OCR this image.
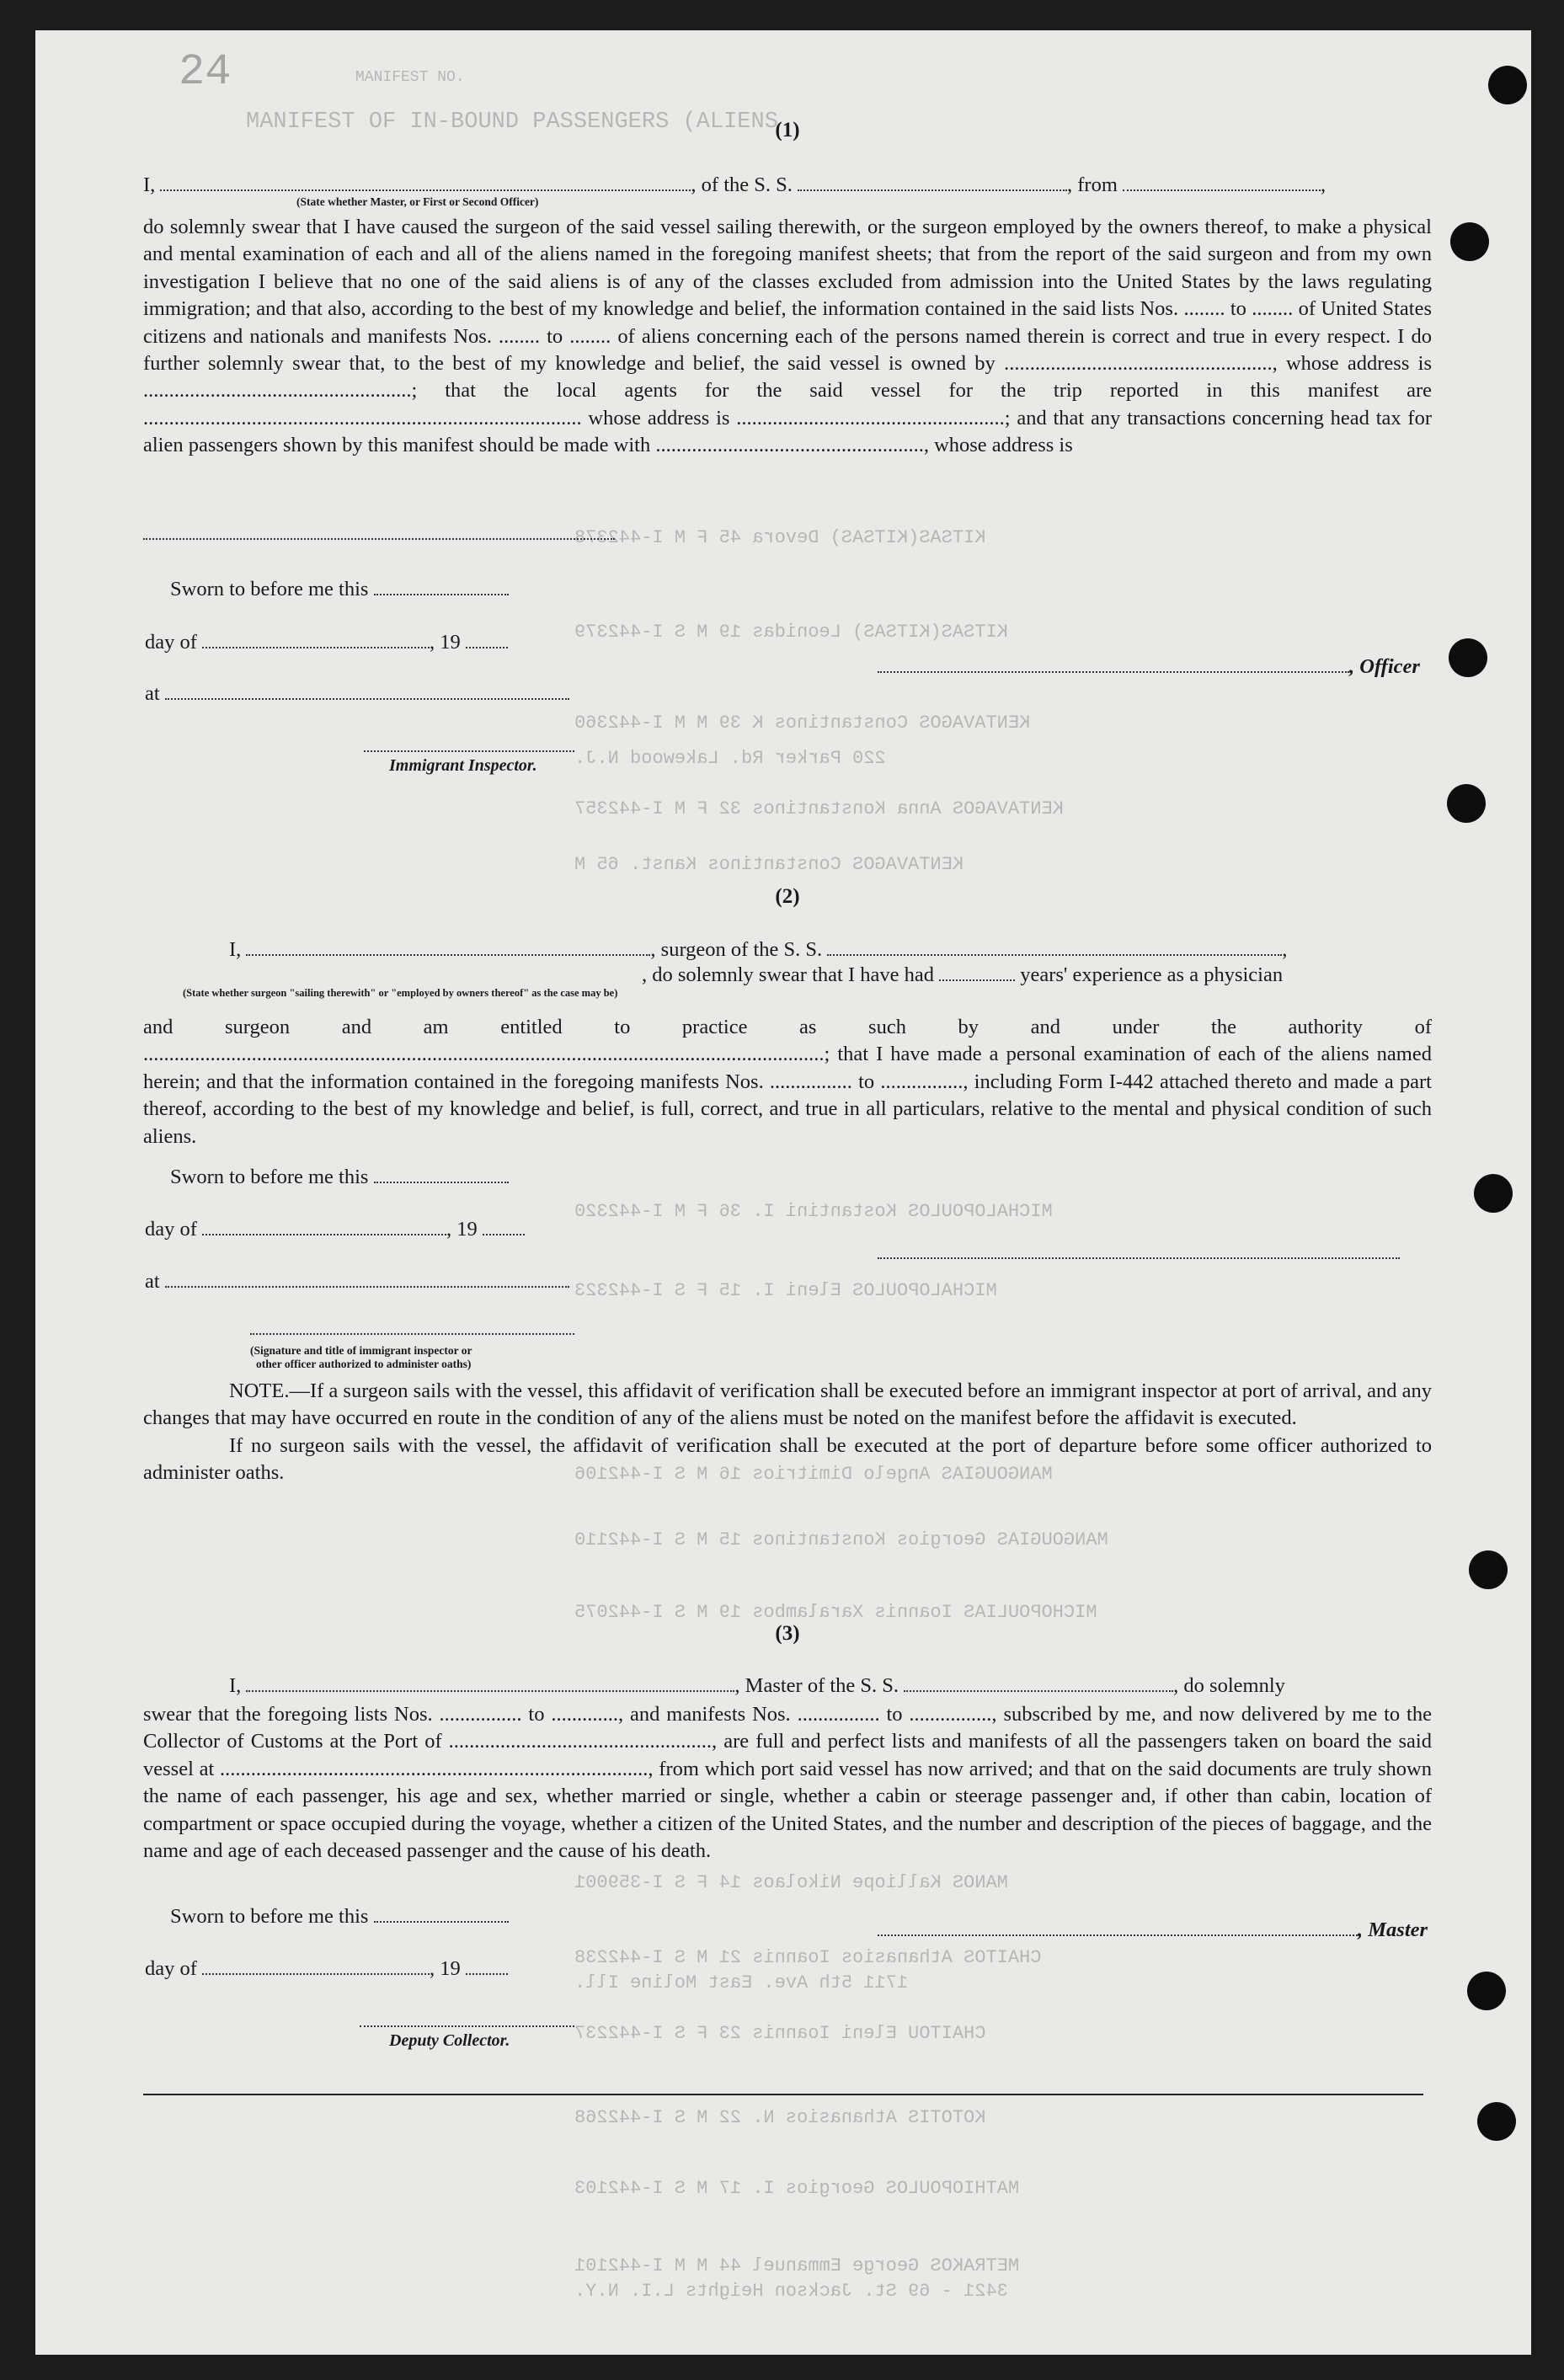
24	MANIFEST NO.
MANIFEST OF IN-BOUND PASSENGERS (ALIENS
KITSAS(KITSAS) Devora 45 F M I-442378
KITSAS(KITSAS) Leonidas 19 M S I-442379
KENTAVAGOS Constantinos K 39 M M I-442360
220 Parker Rd. Lakewood N.J.
KENTAVAGOS Anna Konstantinos 32 F M I-442357
KENTAVAGOS Constantinos Kanst. 65 M
MICHALOPOULOS Kostantini I. 36 F M I-442320
MICHALOPOULOS Eleni I. 15 F S I-442323
MANGOUGIAS Angelo Dimitrios 16 M S I-442106
MANGOUGIAS Georgios Konstantinos 15 M S I-442110
MICHOPOULIAS Ioannis Xaralambos 19 M S I-442075
MANOS Kalliope Nikolaos 14 F S I-359001
CHAITOS Athanasios Ioannis 21 M S I-442238
1711 5th Ave. East Moline Ill.
CHAITOU Eleni Ioannis 23 F S I-442237
KOTOTIS Athanasios N. 22 M S I-442268
MATHIOPOULOS Georgios I. 17 M S I-442103
METRAKOS George Emmanuel 44 M M I-442101
3421 - 69 St. Jackson Heights L.I. N.Y.
(1)
I,	, of the S. S.	, from	,
(State whether Master, or First or Second Officer)

do solemnly swear that I have caused the surgeon of the said vessel sailing therewith, or the surgeon employed by the owners thereof, to make a physical and mental examination of each and all of the aliens named in the foregoing manifest sheets; that from the report of the said surgeon and from my own investigation I believe that no one of the said aliens is of any of the classes excluded from admission into the United States by the laws regulating immigration; and that also, according to the best of my knowledge and belief, the information contained in the said lists Nos. ........ to ........ of United States citizens and nationals and manifests Nos. ........ to ........ of aliens concerning each of the persons named therein is correct and true in every respect. I do further solemnly swear that, to the best of my knowledge and belief, the said vessel is owned by ...................................................., whose address is ....................................................; that the local agents for the said vessel for the trip reported in this manifest are ..................................................................................... whose address is ....................................................; and that any transactions concerning head tax for alien passengers shown by this manifest should be made with ...................................................., whose address is

Sworn to before me this
day of	, 19
, Officer
at
Immigrant Inspector.
(2)
I,	, surgeon of the S. S.	,
, do solemnly swear that I have had	years' experience as a physician
(State whether surgeon "sailing therewith" or "employed by owners thereof" as the case may be)

and surgeon and am entitled to practice as such by and under the authority of ....................................................................................................................................; that I have made a personal examination of each of the aliens named herein; and that the information contained in the foregoing manifests Nos. ................ to ................, including Form I-442 attached thereto and made a part thereof, according to the best of my knowledge and belief, is full, correct, and true in all particulars, relative to the mental and physical condition of such aliens.

Sworn to before me this
day of	, 19
at
(Signature and title of immigrant inspector or
other officer authorized to administer oaths)

NOTE.—If a surgeon sails with the vessel, this affidavit of verification shall be executed before an immigrant inspector at port of arrival, and any changes that may have occurred en route in the condition of any of the aliens must be noted on the manifest before the affidavit is executed.

If no surgeon sails with the vessel, the affidavit of verification shall be executed at the port of departure before some officer authorized to administer oaths.

(3)
I,	, Master of the S. S.	, do solemnly

swear that the foregoing lists Nos. ................ to ............., and manifests Nos. ................ to ................, subscribed by me, and now delivered by me to the Collector of Customs at the Port of ..................................................., are full and perfect lists and manifests of all the passengers taken on board the said vessel at ..................................................................................., from which port said vessel has now arrived; and that on the said documents are truly shown the name of each passenger, his age and sex, whether married or single, whether a cabin or steerage passenger and, if other than cabin, location of compartment or space occupied during the voyage, whether a citizen of the United States, and the number and description of the pieces of baggage, and the name and age of each deceased passenger and the cause of his death.

Sworn to before me this
, Master
day of	, 19
Deputy Collector.
